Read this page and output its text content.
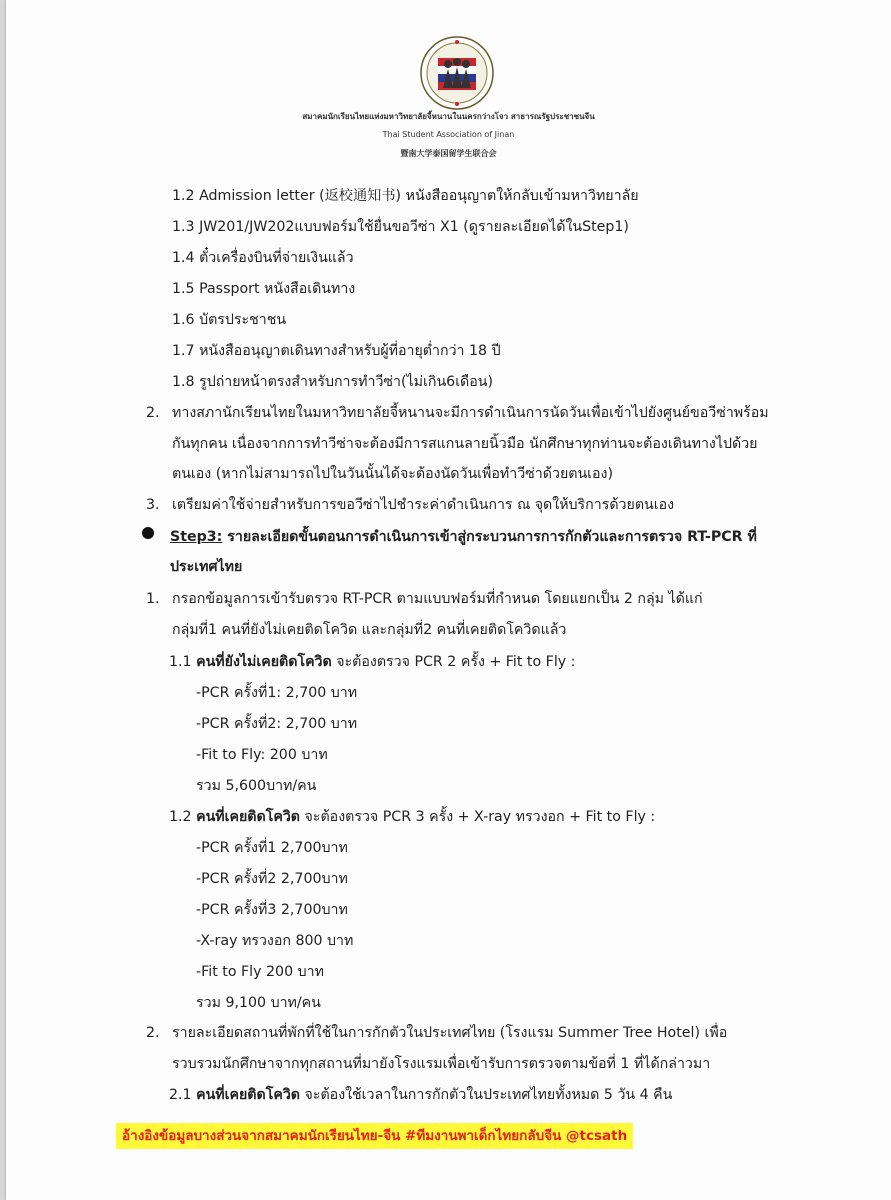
สมาคมนักเรียนไทยแห่งมหาวิทยาลัยจี้หนานในนครกว่างโจว สาธารณรัฐประชาชนจีน
Thai Student Association of Jinan
暨南大学泰国留学生联合会
1.2 Admission letter (返校通知书) หนังสืออนุญาตให้กลับเข้ามหาวิทยาลัย
1.3 JW201/JW202แบบฟอร์มใช้ยื่นขอวีซ่า X1 (ดูรายละเอียดได้ในStep1)
1.4 ตั๋วเครื่องบินที่จ่ายเงินแล้ว
1.5 Passport หนังสือเดินทาง
1.6 บัตรประชาชน
1.7 หนังสืออนุญาตเดินทางสำหรับผู้ที่อายุต่ำกว่า 18 ปี
1.8 รูปถ่ายหน้าตรงสำหรับการทำวีซ่า(ไม่เกิน6เดือน)
2. ทางสภานักเรียนไทยในมหาวิทยาลัยจี้หนานจะมีการดำเนินการนัดวันเพื่อเข้าไปยังศูนย์ขอวีซ่าพร้อม
กันทุกคน เนื่องจากการทำวีซ่าจะต้องมีการสแกนลายนิ้วมือ นักศึกษาทุกท่านจะต้องเดินทางไปด้วย
ตนเอง (หากไม่สามารถไปในวันนั้นได้จะต้องนัดวันเพื่อทำวีซ่าด้วยตนเอง)
3. เตรียมค่าใช้จ่ายสำหรับการขอวีซ่าไปชำระค่าดำเนินการ ณ จุดให้บริการด้วยตนเอง
Step3: รายละเอียดขั้นตอนการดำเนินการเข้าสู่กระบวนการการกักตัวและการตรวจ RT-PCR ที่
ประเทศไทย
1. กรอกข้อมูลการเข้ารับตรวจ RT-PCR ตามแบบฟอร์มที่กำหนด โดยแยกเป็น 2 กลุ่ม ได้แก่
กลุ่มที่1 คนที่ยังไม่เคยติดโควิด และกลุ่มที่2 คนที่เคยติดโควิดแล้ว
1.1 คนที่ยังไม่เคยติดโควิด จะต้องตรวจ PCR 2 ครั้ง + Fit to Fly :
-PCR ครั้งที่1: 2,700 บาท
-PCR ครั้งที่2: 2,700 บาท
-Fit to Fly: 200 บาท
รวม 5,600บาท/คน
1.2 คนที่เคยติดโควิด จะต้องตรวจ PCR 3 ครั้ง + X-ray ทรวงอก + Fit to Fly :
-PCR ครั้งที่1 2,700บาท
-PCR ครั้งที่2 2,700บาท
-PCR ครั้งที่3 2,700บาท
-X-ray ทรวงอก 800 บาท
-Fit to Fly 200 บาท
รวม 9,100 บาท/คน
2. รายละเอียดสถานที่พักที่ใช้ในการกักตัวในประเทศไทย (โรงแรม Summer Tree Hotel) เพื่อ
รวบรวมนักศึกษาจากทุกสถานที่มายังโรงแรมเพื่อเข้ารับการตรวจตามข้อที่ 1 ที่ได้กล่าวมา
2.1 คนที่เคยติดโควิด จะต้องใช้เวลาในการกักตัวในประเทศไทยทั้งหมด 5 วัน 4 คืน
อ้างอิงข้อมูลบางส่วนจากสมาคมนักเรียนไทย-จีน #ทีมงานพาเด็กไทยกลับจีน @tcsath
